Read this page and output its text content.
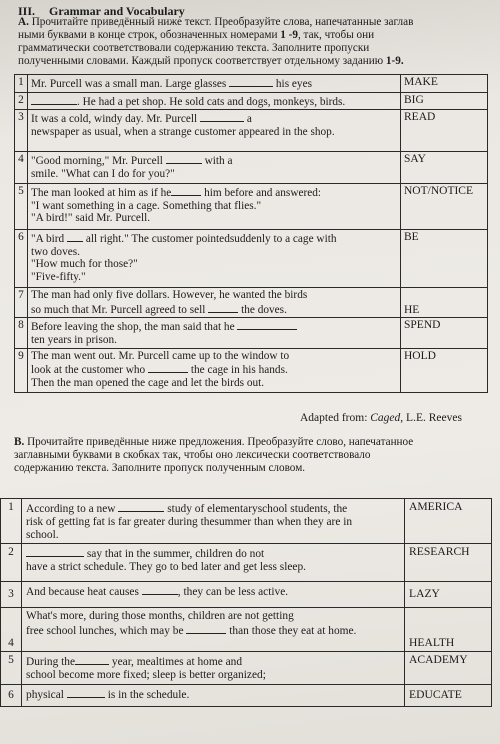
III. Grammar and Vocabulary
A. Прочитайте приведённый ниже текст. Преобразуйте слова, напечатанные заглав
ными буквами в конце строк, обозначенных номерами 1 -9, так, чтобы они
грамматически соответствовали содержанию текста. Заполните пропуски
полученными словами. Каждый пропуск соответствует отдельному заданию 1-9.
1	Mr. Purcell was a small man. Large glasses his eyes	MAKE
2	. He had a pet shop. He sold cats and dogs, monkeys, birds.	BIG
3	It was a cold, windy day. Mr. Purcell a
newspaper as usual, when a strange customer appeared in the shop.	READ
4	"Good morning," Mr. Purcell with a
smile. "What can I do for you?"	SAY
5	The man looked at him as if he him before and answered:
"I want something in a cage. Something that flies."
"A bird!" said Mr. Purcell.	NOT/NOTICE
6	"A bird all right." The customer pointedsuddenly to a cage with
two doves.
"How much for those?"
"Five-fifty."	BE
7	The man had only five dollars. However, he wanted the birds
so much that Mr. Purcell agreed to sell the doves.	HE
8	Before leaving the shop, the man said that he
ten years in prison.	SPEND
9	The man went out. Mr. Purcell came up to the window to
look at the customer who the cage in his hands.
Then the man opened the cage and let the birds out.	HOLD
Adapted from: Caged, L.E. Reeves
B. Прочитайте приведённые ниже предложения. Преобразуйте слово, напечатанное
заглавными буквами в скобках так, чтобы оно лексически соответствовало
содержанию текста. Заполните пропуск полученным словом.
1	According to a new study of elementaryschool students, the
risk of getting fat is far greater during thesummer than when they are in
school.	AMERICA
2	say that in the summer, children do not
have a strict schedule. They go to bed later and get less sleep.	RESEARCH
3	And because heat causes , they can be less active.	LAZY
4	What's more, during those months, children are not getting
free school lunches, which may be than those they eat at home.	HEALTH
5	During the year, mealtimes at home and
school become more fixed; sleep is better organized;	ACADEMY
6	physical is in the schedule.	EDUCATE
